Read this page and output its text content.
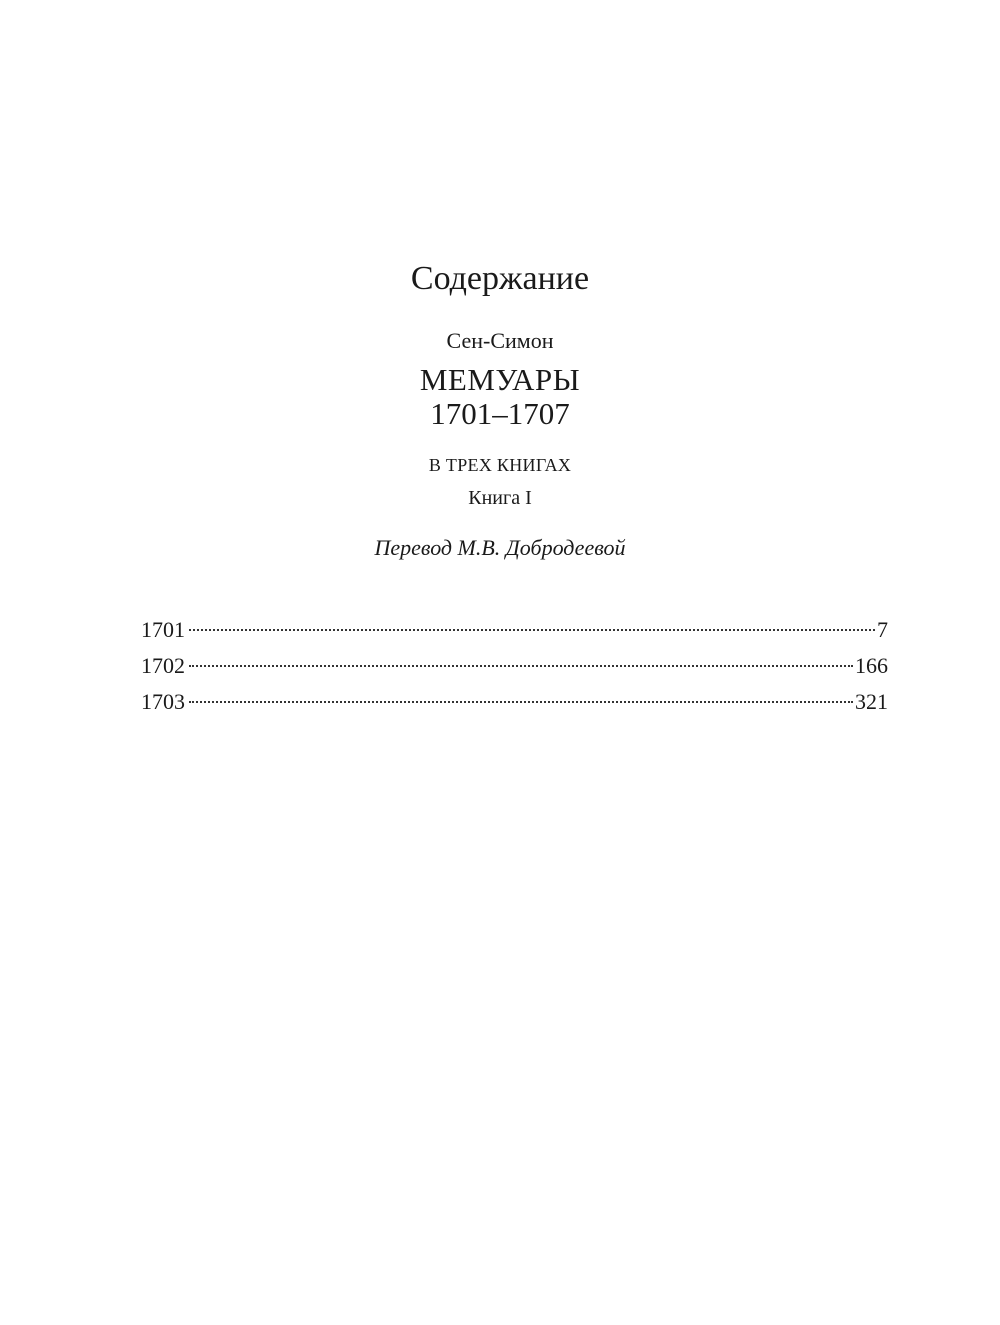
Содержание
Сен-Симон
МЕМУАРЫ
1701–1707
В ТРЕХ КНИГАХ
Книга I
Перевод М.В. Добродеевой
1701	7
1702	166
1703	321
